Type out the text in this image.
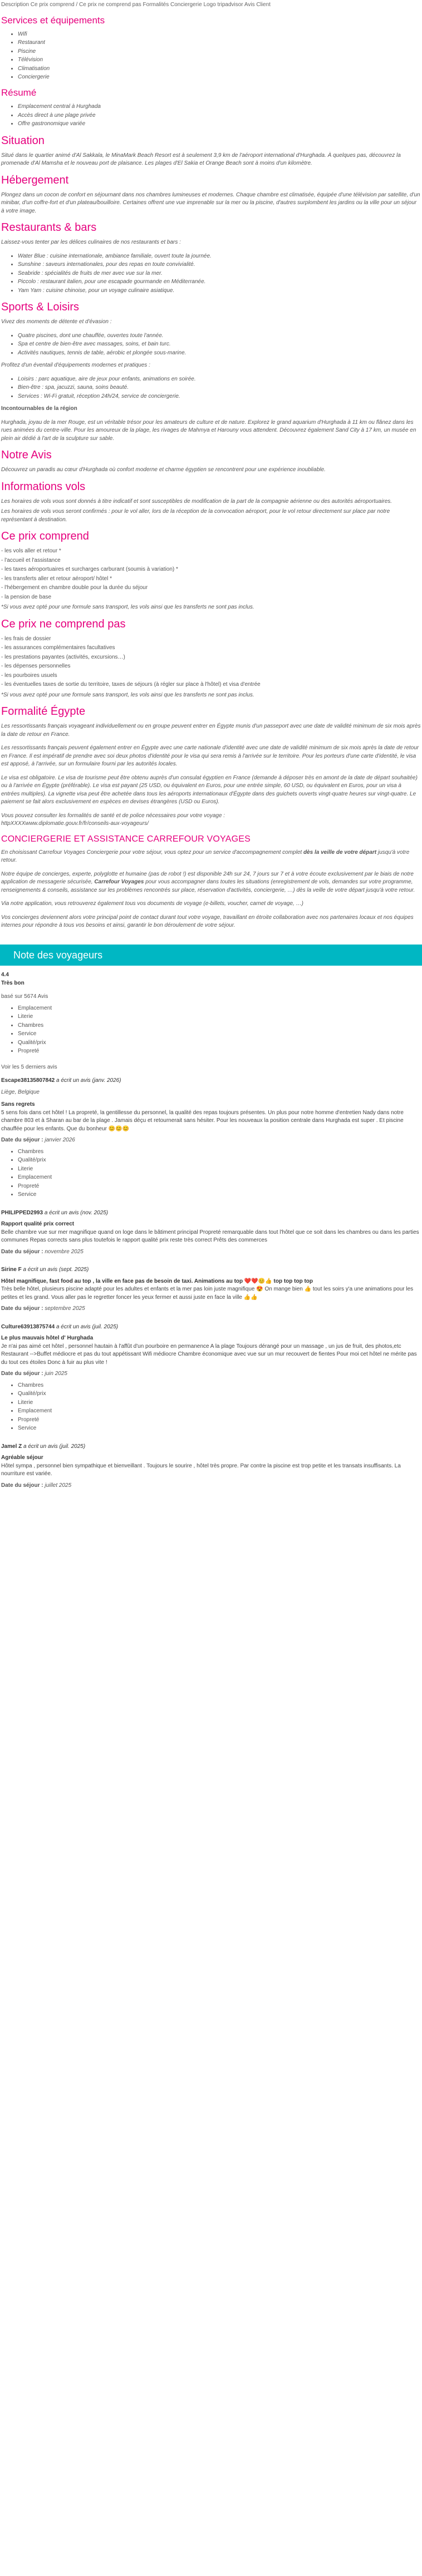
Description Ce prix comprend / Ce prix ne comprend pas Formalités Conciergerie Logo tripadvisor Avis Client
Services et équipements
• Wifi
• Restaurant
• Piscine
• Télévision
• Climatisation
• Conciergerie
Résumé
• Emplacement central à Hurghada
• Accès direct à une plage privée
• Offre gastronomique variée
Situation

Situé dans le quartier animé d'Al Sakkala, le MinaMark Beach Resort est à seulement 3,9 km de l'aéroport international d'Hurghada. À quelques pas, découvrez la promenade d'Al Mamsha et le nouveau port de plaisance. Les plages d'El Sakia et Orange Beach sont à moins d'un kilomètre.

Hébergement

Plongez dans un cocon de confort en séjournant dans nos chambres lumineuses et modernes. Chaque chambre est climatisée, équipée d'une télévision par satellite, d'un minibar, d'un coffre-fort et d'un plateau/bouilloire. Certaines offrent une vue imprenable sur la mer ou la piscine, d'autres surplombent les jardins ou la ville pour un séjour à votre image.

Restaurants & bars

Laissez-vous tenter par les délices culinaires de nos restaurants et bars :

• Water Blue : cuisine internationale, ambiance familiale, ouvert toute la journée.
• Sunshine : saveurs internationales, pour des repas en toute convivialité.
• Seabride : spécialités de fruits de mer avec vue sur la mer.
• Piccolo : restaurant italien, pour une escapade gourmande en Méditerranée.
• Yam Yam : cuisine chinoise, pour un voyage culinaire asiatique.
Sports & Loisirs

Vivez des moments de détente et d'évasion :

• Quatre piscines, dont une chauffée, ouvertes toute l'année.
• Spa et centre de bien-être avec massages, soins, et bain turc.
• Activités nautiques, tennis de table, aérobic et plongée sous-marine.

Profitez d'un éventail d'équipements modernes et pratiques :

• Loisirs : parc aquatique, aire de jeux pour enfants, animations en soirée.
• Bien-être : spa, jacuzzi, sauna, soins beauté.
• Services : Wi-Fi gratuit, réception 24h/24, service de conciergerie.

Incontournables de la région

Hurghada, joyau de la mer Rouge, est un véritable trésor pour les amateurs de culture et de nature. Explorez le grand aquarium d'Hurghada à 11 km ou flânez dans les rues animées du centre-ville. Pour les amoureux de la plage, les rivages de Mahmya et Harouny vous attendent. Découvrez également Sand City à 17 km, un musée en plein air dédié à l'art de la sculpture sur sable.

Notre Avis

Découvrez un paradis au cœur d'Hurghada où confort moderne et charme égyptien se rencontrent pour une expérience inoubliable.

Informations vols

Les horaires de vols vous sont donnés à titre indicatif et sont susceptibles de modification de la part de la compagnie aérienne ou des autorités aéroportuaires.

Les horaires de vols vous seront confirmés : pour le vol aller, lors de la réception de la convocation aéroport, pour le vol retour directement sur place par notre représentant à destination.

Ce prix comprend
- les vols aller et retour *
- l'accueil et l'assistance
- les taxes aéroportuaires et surcharges carburant (soumis à variation) *
- les transferts aller et retour aéroport/ hôtel *
- l'hébergement en chambre double pour la durée du séjour
- la pension de base

*Si vous avez opté pour une formule sans transport, les vols ainsi que les transferts ne sont pas inclus.

Ce prix ne comprend pas
- les frais de dossier
- les assurances complémentaires facultatives
- les prestations payantes (activités, excursions…)
- les dépenses personnelles
- les pourboires usuels
- les éventuelles taxes de sortie du territoire, taxes de séjours (à régler sur place à l'hôtel) et visa d'entrée

*Si vous avez opté pour une formule sans transport, les vols ainsi que les transferts ne sont pas inclus.

Formalité Égypte

Les ressortissants français voyageant individuellement ou en groupe peuvent entrer en Égypte munis d'un passeport avec une date de validité minimum de six mois après la date de retour en France.

Les ressortissants français peuvent également entrer en Égypte avec une carte nationale d'identité avec une date de validité minimum de six mois après la date de retour en France. Il est impératif de prendre avec soi deux photos d'identité pour le visa qui sera remis à l'arrivée sur le territoire. Pour les porteurs d'une carte d'identité, le visa est apposé, à l'arrivée, sur un formulaire fourni par les autorités locales.

Le visa est obligatoire. Le visa de tourisme peut être obtenu auprès d'un consulat égyptien en France (demande à déposer très en amont de la date de départ souhaitée) ou à l'arrivée en Égypte (préférable). Le visa est payant (25 USD, ou équivalent en Euros, pour une entrée simple, 60 USD, ou équivalent en Euros, pour un visa à entrées multiples). La vignette visa peut être achetée dans tous les aéroports internationaux d'Égypte dans des guichets ouverts vingt-quatre heures sur vingt-quatre. Le paiement se fait alors exclusivement en espèces en devises étrangères (USD ou Euros).

Vous pouvez consulter les formalités de santé et de police nécessaires pour votre voyage :

httpXXXXwww.diplomatie.gouv.fr/fr/conseils-aux-voyageurs/

CONCIERGERIE ET ASSISTANCE CARREFOUR VOYAGES

En choisissant Carrefour Voyages Conciergerie pour votre séjour, vous optez pour un service d'accompagnement complet dès la veille de votre départ jusqu'à votre retour.

Notre équipe de concierges, experte, polyglotte et humaine (pas de robot !) est disponible 24h sur 24, 7 jours sur 7 et à votre écoute exclusivement par le biais de notre application de messagerie sécurisée, Carrefour Voyages pour vous accompagner dans toutes les situations (enregistrement de vols, demandes sur votre programme, renseignements & conseils, assistance sur les problèmes rencontrés sur place, réservation d'activités, conciergerie, …) dès la veille de votre départ jusqu'à votre retour.

Via notre application, vous retrouverez également tous vos documents de voyage (e-billets, voucher, carnet de voyage, …)

Vos concierges deviennent alors votre principal point de contact durant tout votre voyage, travaillant en étroite collaboration avec nos partenaires locaux et nos équipes internes pour répondre à tous vos besoins et ainsi, garantir le bon déroulement de votre séjour.

Note des voyageurs
4.4
Très bon
basé sur 5674 Avis
• Emplacement
• Literie
• Chambres
• Service
• Qualité/prix
• Propreté
Voir les 5 derniers avis
Escape38135807842 a écrit un avis (janv. 2026)
Liège, Belgique
Sans regrets
5 sens fois dans cet hôtel ! La propreté, la gentillesse du personnel, la qualité des repas toujours présentes. Un plus pour notre homme d'entretien Nady dans notre chambre 803 et à Sharan au bar de la plage . Jamais déçu et retournerait sans hésiter. Pour les nouveaux la position centrale dans Hurghada est super . Et piscine chauffée pour les enfants. Que du bonheur 😊😊😊
Date du séjour : janvier 2026
• Chambres
• Qualité/prix
• Literie
• Emplacement
• Propreté
• Service
PHILIPPED2993 a écrit un avis (nov. 2025)
Rapport qualité prix correct
Belle chambre vue sur mer magnifique quand on loge dans le bâtiment principal Propreté remarquable dans tout l'hôtel que ce soit dans les chambres ou dans les parties communes Repas corrects sans plus toutefois le rapport qualité prix reste très correct Prêts des commerces
Date du séjour : novembre 2025
Sirine F a écrit un avis (sept. 2025)
Hôtel magnifique, fast food au top , la ville en face pas de besoin de taxi. Animations au top ❤️❤️😊👍 top top top top
Très belle hôtel, plusieurs piscine adapté pour les adultes et enfants et la mer pas loin juste magnifique 😍 On mange bien 👍 tout les soirs y'a une animations pour les petites et les grand. Vous aller pas le regretter foncer les yeux fermer et aussi juste en face la ville 👍👍
Date du séjour : septembre 2025
Culture63913875744 a écrit un avis (juil. 2025)
Le plus mauvais hôtel d' Hurghada
Je n'ai pas aimé cet hôtel , personnel hautain à l'affût d'un pourboire en permanence A la plage Toujours dérangé pour un massage , un jus de fruit, des photos,etc Restaurant -->Buffet médiocre et pas du tout appétissant Wifi médiocre Chambre économique avec vue sur un mur recouvert de fientes Pour moi cet hôtel ne mérite pas du tout ces étoiles Donc à fuir au plus vite !
Date du séjour : juin 2025
• Chambres
• Qualité/prix
• Literie
• Emplacement
• Propreté
• Service
Jamel Z a écrit un avis (juil. 2025)
Agréable séjour
Hôtel sympa , personnel bien sympathique et bienveillant . Toujours le sourire , hôtel très propre. Par contre la piscine est trop petite et les transats insuffisants. La nourriture est variée.
Date du séjour : juillet 2025
